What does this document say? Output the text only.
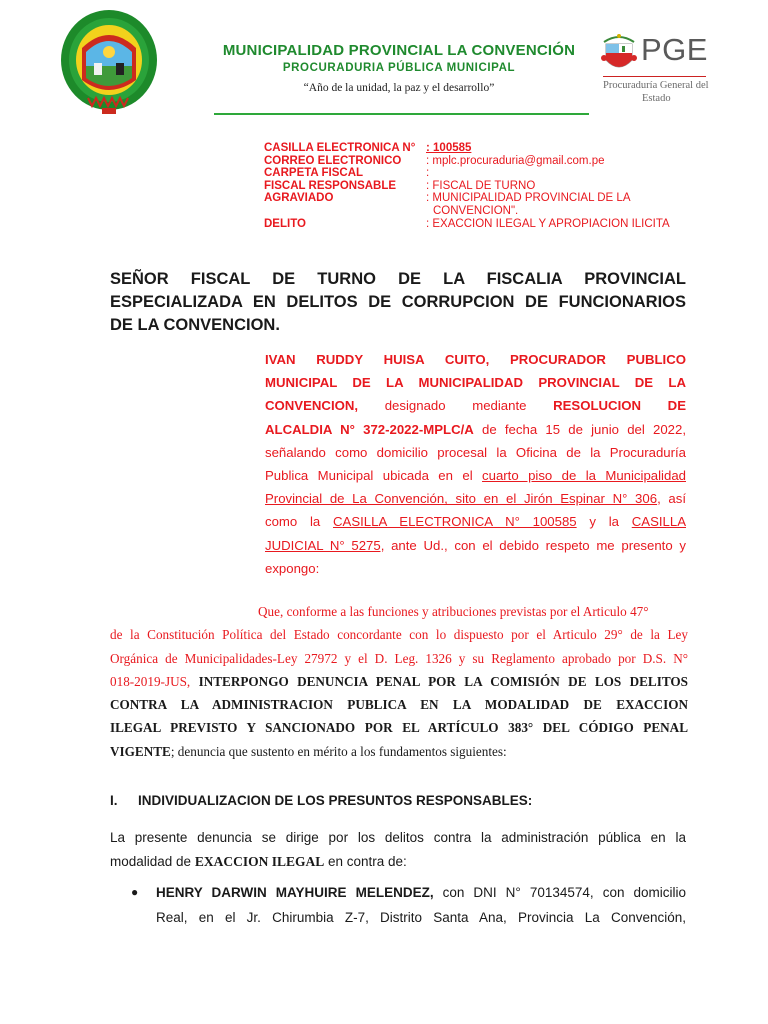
MUNICIPALIDAD PROVINCIAL LA CONVENCIÓN
PROCURADURIA PÚBLICA MUNICIPAL
“Año de la unidad, la paz y el desarrollo”
PGE
Procuraduría General del
Estado
CASILLA ELECTRONICA N° : 100585
CORREO ELECTRONICO	: mplc.procuraduria@gmail.com.pe
CARPETA FISCAL	:
FISCAL RESPONSABLE	: FISCAL DE TURNO
AGRAVIADO	: MUNICIPALIDAD PROVINCIAL DE LA
CONVENCION".
DELITO	: EXACCION ILEGAL Y APROPIACION ILICITA
SEÑOR FISCAL DE TURNO DE LA FISCALIA PROVINCIAL
ESPECIALIZADA EN DELITOS DE CORRUPCION DE FUNCIONARIOS
DE LA CONVENCION.
IVAN RUDDY HUISA CUITO, PROCURADOR PUBLICO
MUNICIPAL DE LA MUNICIPALIDAD PROVINCIAL DE LA
CONVENCION, designado mediante RESOLUCION DE
ALCALDIA N° 372-2022-MPLC/A de fecha 15 de junio del 2022,
señalando como domicilio procesal la Oficina de la Procuraduría
Publica Municipal ubicada en el cuarto piso de la Municipalidad
Provincial de La Convención, sito en el Jirón Espinar N° 306, así
como la CASILLA ELECTRONICA N° 100585 y la CASILLA
JUDICIAL N° 5275, ante Ud., con el debido respeto me presento y
expongo:
Que, conforme a las funciones y atribuciones previstas por el Articulo 47°
de la Constitución Política del Estado concordante con lo dispuesto por el Articulo 29° de la Ley
Orgánica de Municipalidades-Ley 27972 y el D. Leg. 1326 y su Reglamento aprobado por D.S. N°
018-2019-JUS, INTERPONGO DENUNCIA PENAL POR LA COMISIÓN DE LOS DELITOS
CONTRA LA ADMINISTRACION PUBLICA EN LA MODALIDAD DE EXACCION
ILEGAL PREVISTO Y SANCIONADO POR EL ARTÍCULO 383° DEL CÓDIGO PENAL
VIGENTE; denuncia que sustento en mérito a los fundamentos siguientes:
I. INDIVIDUALIZACION DE LOS PRESUNTOS RESPONSABLES:
La presente denuncia se dirige por los delitos contra la administración pública en la
modalidad de EXACCION ILEGAL en contra de:
● HENRY DARWIN MAYHUIRE MELENDEZ, con DNI N° 70134574, con domicilio
Real, en el Jr. Chirumbia Z-7, Distrito Santa Ana, Provincia La Convención,
